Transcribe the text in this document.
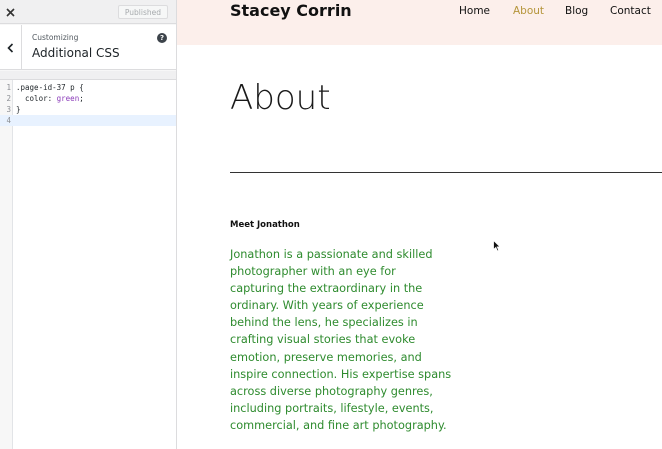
Published
Customizing
Additional CSS
?
1 .page-id-37 p {
2 color: green;
3 }
4
Stacey Corrin	Home About Blog Contact
About
Meet Jonathon

Jonathon is a passionate and skilled
photographer with an eye for
capturing the extraordinary in the
ordinary. With years of experience
behind the lens, he specializes in
crafting visual stories that evoke
emotion, preserve memories, and
inspire connection. His expertise spans
across diverse photography genres,
including portraits, lifestyle, events,
commercial, and fine art photography.
